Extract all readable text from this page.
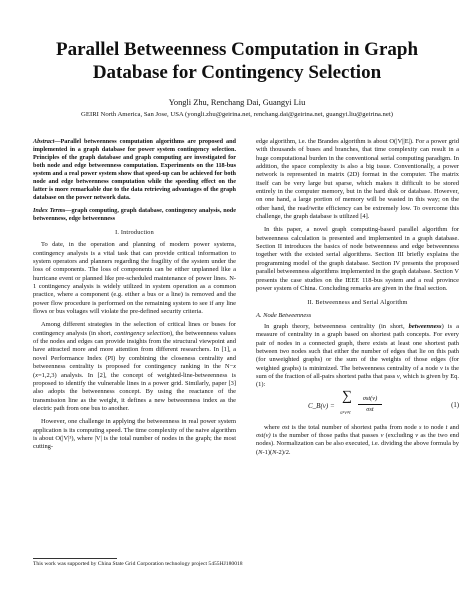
Parallel Betweenness Computation in Graph
Database for Contingency Selection
Yongli Zhu, Renchang Dai, Guangyi Liu
GEIRI North America, San Jose, USA (yongli.zhu@geirina.net, renchang.dai@geirina.net, guangyi.liu@geirina.net)

Abstract—Parallel betweenness computation algorithms are proposed and implemented in a graph database for power system contingency selection. Principles of the graph database and graph computing are investigated for both node and edge betweenness computation. Experiments on the 118-bus system and a real power system show that speed-up can be achieved for both node and edge betweenness computation while the speeding effect on the latter is more remarkable due to the data retrieving advantages of the graph database on the power network data.

Index Terms—graph computing, graph database, contingency analysis, node betweenness, edge betweenness

I. Introduction

To date, in the operation and planning of modern power systems, contingency analysis is a vital task that can provide critical information to system operators and planners regarding the fragility of the system under the loss of components. The loss of components can be either unplanned like a hurricane event or planned like pre-scheduled maintenance of power lines. N-1 contingency analysis is widely utilized in system operation as a common practice, where a component (e.g. either a bus or a line) is removed and the power flow procedure is performed on the remaining system to see if any line flows or bus voltages will violate the pre-defined security criteria.

Among different strategies in the selection of critical lines or buses for contingency analysis (in short, contingency selection), the betweenness values of the nodes and edges can provide insights from the structural viewpoint and have attracted more and more attention from different researchers. In [1], a novel Performance Index (PI) by combining the closeness centrality and betweenness centrality is proposed for contingency ranking in the N−x (x=1,2,3) analysis. In [2], the concept of weighted-line-betweenness is proposed to identify the vulnerable lines in a power grid. Similarly, paper [3] also adopts the betweenness concept. By using the reactance of the transmission line as the weight, it defines a new betweenness index as the electric path from one bus to another.

However, one challenge in applying the betweenness in real power system application is its computing speed. The time complexity of the naive algorithm is about O(|V|³), where |V| is the total number of nodes in the graph; the most cutting-

edge algorithm, i.e. the Brandes algorithm is about O(|V||E|). For a power grid with thousands of buses and branches, that time complexity can result in a huge computational burden in the conventional serial computing paradigm. In addition, the space complexity is also a big issue. Conventionally, a power network is represented in matrix (2D) format in the computer. The matrix itself can be very large but sparse, which makes it difficult to be stored entirely in the computer memory, but in the hard disk or database. However, on one hand, a large portion of memory will be wasted in this way; on the other hand, the read/write efficiency can be extremely low. To overcome this challenge, the graph database is utilized [4].

In this paper, a novel graph computing-based parallel algorithm for betweenness calculation is presented and implemented in a graph database. Section II introduces the basics of node betweenness and edge betweenness together with the existed serial algorithms. Section III briefly explains the programming model of the graph database. Section IV presents the proposed parallel betweenness algorithms implemented in the graph database. Section V presents the case studies on the IEEE 118-bus system and a real province power system of China. Concluding remarks are given in the final section.

II. Betweenness and Serial Algorithm

A. Node Betweenness

In graph theory, betweenness centrality (in short, betweenness) is a measure of centrality in a graph based on shortest path concepts. For every pair of nodes in a connected graph, there exists at least one shortest path between two nodes such that either the number of edges that lie on this path (for unweighted graphs) or the sum of the weights of those edges (for weighted graphs) is minimized. The betweenness centrality of a node v is the sum of the fraction of all-pairs shortest paths that pass v, which is given by Eq. (1):

C_B(v) =
∑
s≠v≠t
σst(v)
σst
(1)

where σst is the total number of shortest paths from node s to node t and σst(v) is the number of those paths that passes v (excluding v as the two end nodes). Normalization can be also executed, i.e. dividing the above formula by (N-1)(N-2)/2.

This work was supported by China State Grid Corporation technology project 5455HJ180018
